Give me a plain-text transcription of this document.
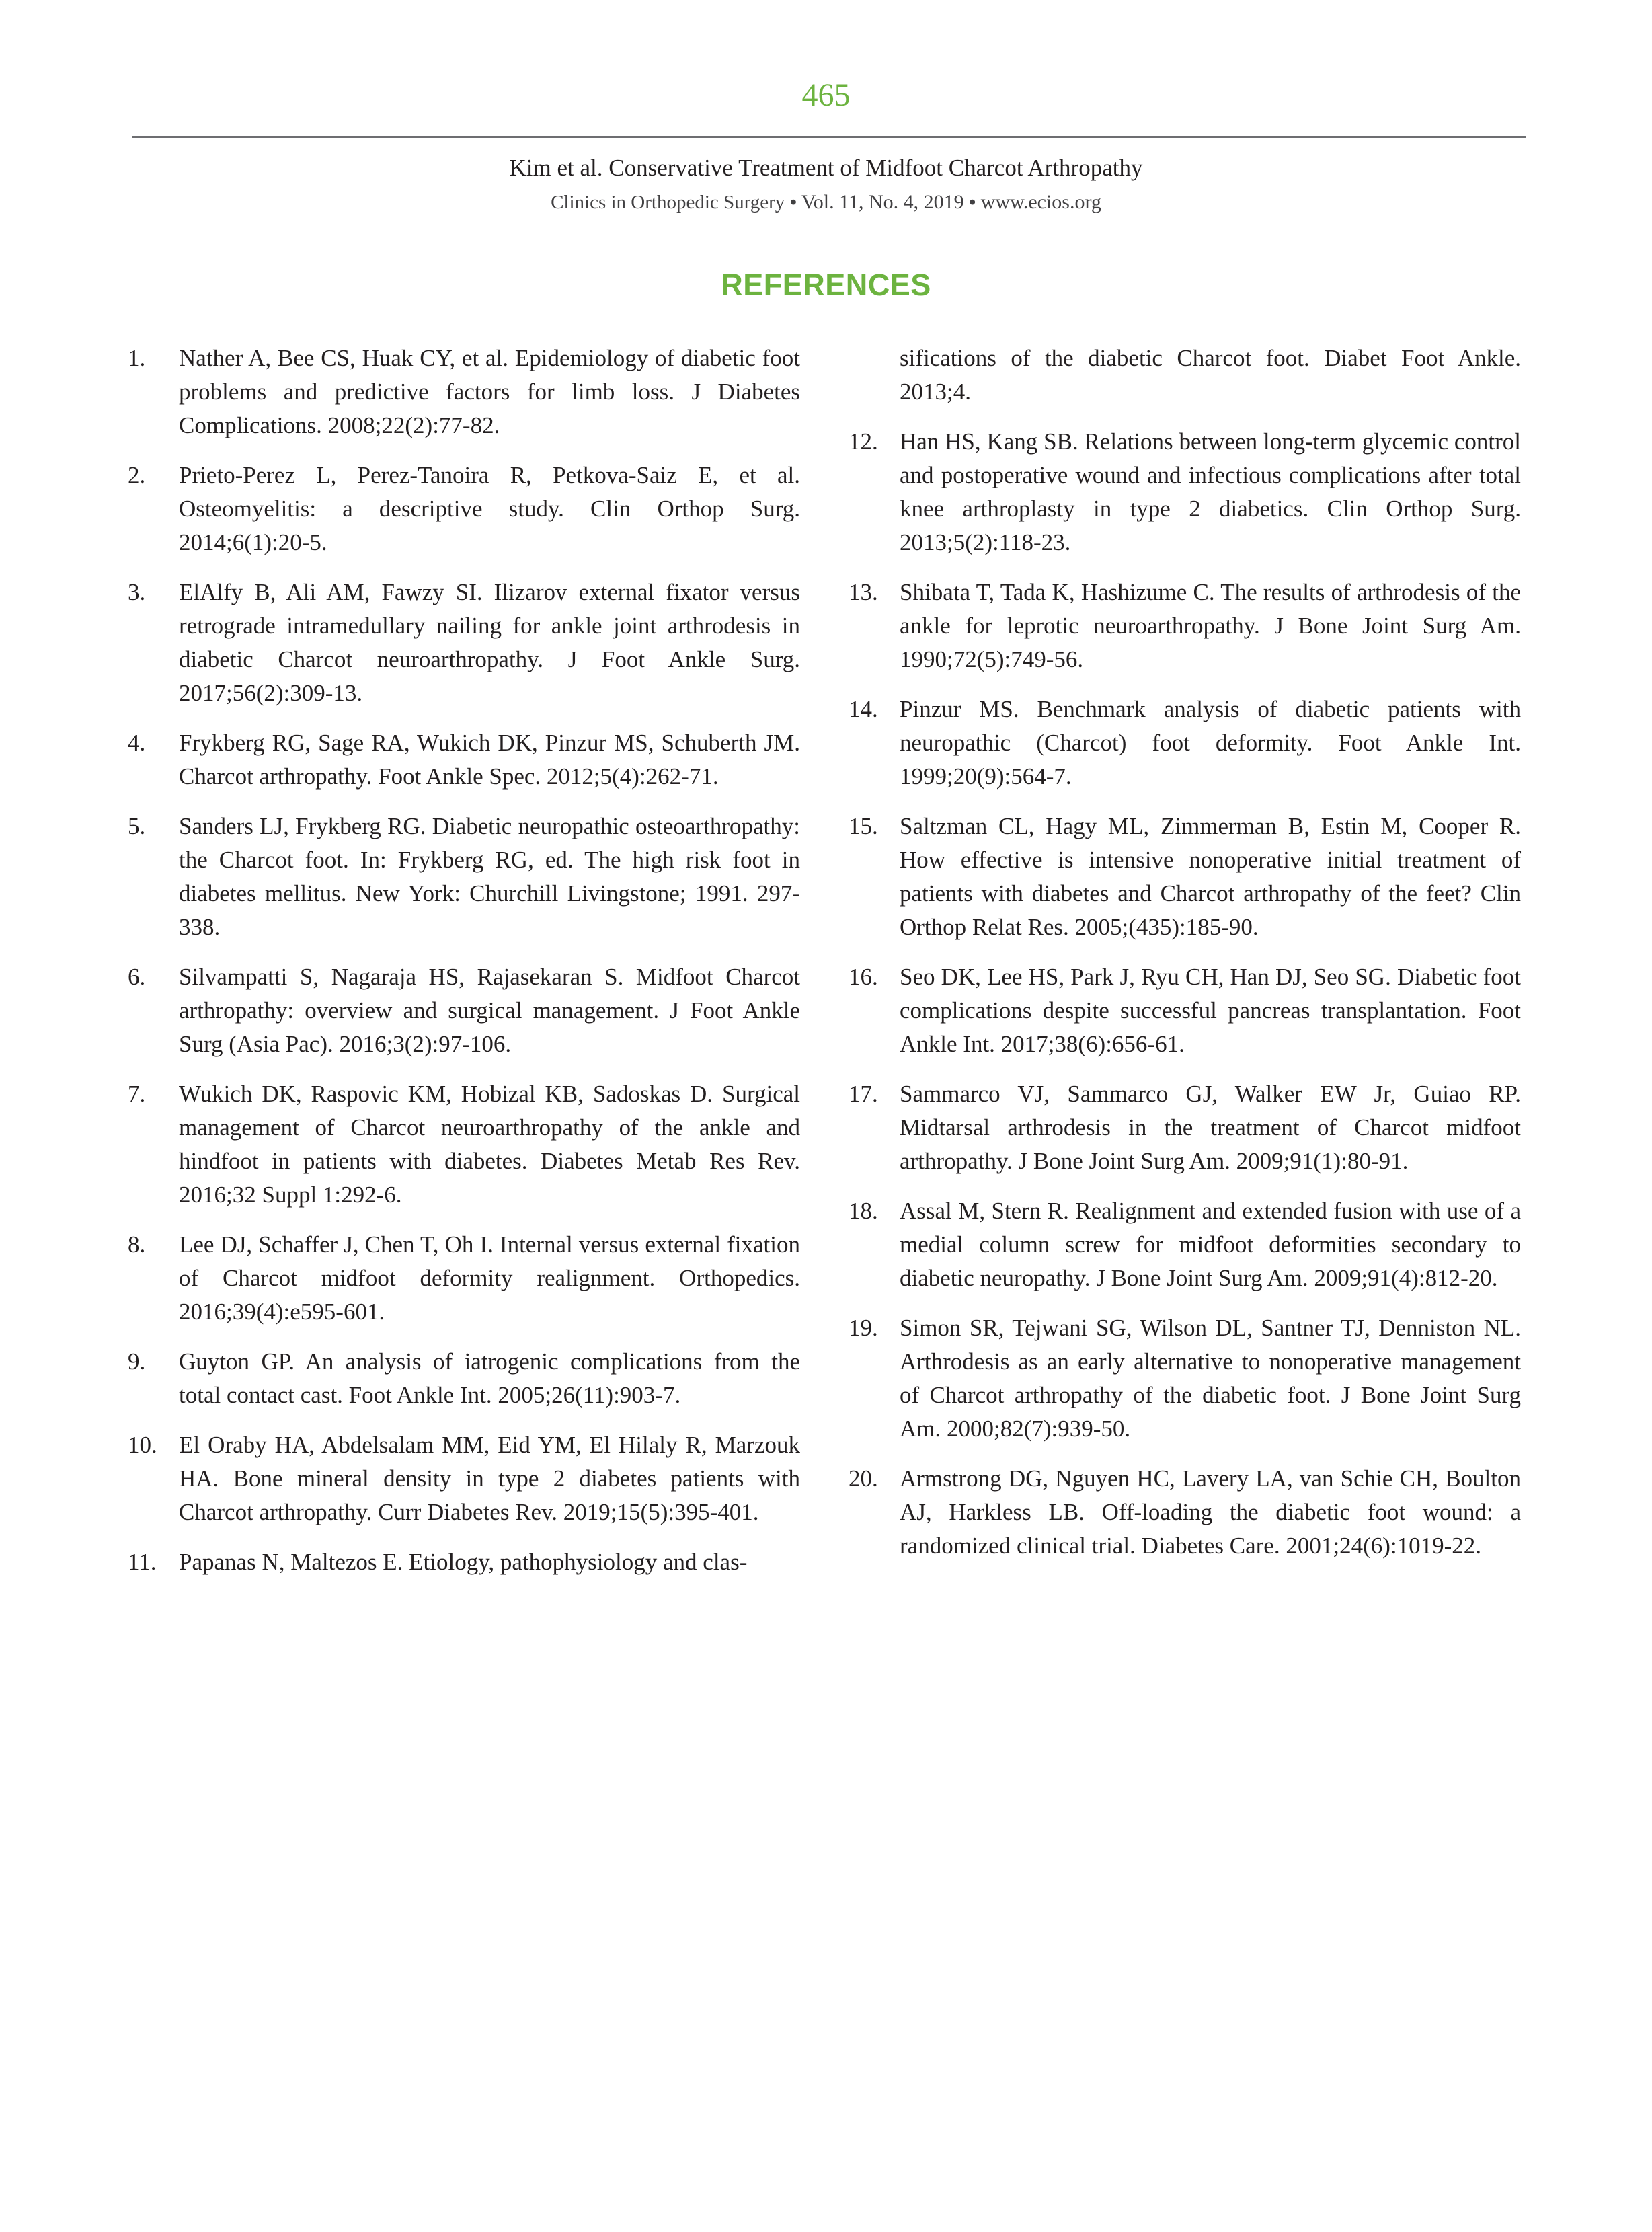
465
Kim et al. Conservative Treatment of Midfoot Charcot Arthropathy
Clinics in Orthopedic Surgery • Vol. 11, No. 4, 2019 • www.ecios.org
REFERENCES
1.	Nather A, Bee CS, Huak CY, et al. Epidemiology of diabetic foot problems and predictive factors for limb loss. J Diabetes Complications. 2008;22(2):77-82.
2.	Prieto-Perez L, Perez-Tanoira R, Petkova-Saiz E, et al. Osteomyelitis: a descriptive study. Clin Orthop Surg. 2014;6(1):20-5.
3.	ElAlfy B, Ali AM, Fawzy SI. Ilizarov external fixator versus retrograde intramedullary nailing for ankle joint arthrodesis in diabetic Charcot neuroarthropathy. J Foot Ankle Surg. 2017;56(2):309-13.
4.	Frykberg RG, Sage RA, Wukich DK, Pinzur MS, Schuberth JM. Charcot arthropathy. Foot Ankle Spec. 2012;5(4):262-71.
5.	Sanders LJ, Frykberg RG. Diabetic neuropathic osteoarthropathy: the Charcot foot. In: Frykberg RG, ed. The high risk foot in diabetes mellitus. New York: Churchill Livingstone; 1991. 297-338.
6.	Silvampatti S, Nagaraja HS, Rajasekaran S. Midfoot Charcot arthropathy: overview and surgical management. J Foot Ankle Surg (Asia Pac). 2016;3(2):97-106.
7.	Wukich DK, Raspovic KM, Hobizal KB, Sadoskas D. Surgical management of Charcot neuroarthropathy of the ankle and hindfoot in patients with diabetes. Diabetes Metab Res Rev. 2016;32 Suppl 1:292-6.
8.	Lee DJ, Schaffer J, Chen T, Oh I. Internal versus external fixation of Charcot midfoot deformity realignment. Orthopedics. 2016;39(4):e595-601.
9.	Guyton GP. An analysis of iatrogenic complications from the total contact cast. Foot Ankle Int. 2005;26(11):903-7.
10. El Oraby HA, Abdelsalam MM, Eid YM, El Hilaly R, Marzouk HA. Bone mineral density in type 2 diabetes patients with Charcot arthropathy. Curr Diabetes Rev. 2019;15(5):395-401.
11. Papanas N, Maltezos E. Etiology, pathophysiology and clas-
sifications of the diabetic Charcot foot. Diabet Foot Ankle. 2013;4.
12. Han HS, Kang SB. Relations between long-term glycemic control and postoperative wound and infectious complications after total knee arthroplasty in type 2 diabetics. Clin Orthop Surg. 2013;5(2):118-23.
13. Shibata T, Tada K, Hashizume C. The results of arthrodesis of the ankle for leprotic neuroarthropathy. J Bone Joint Surg Am. 1990;72(5):749-56.
14. Pinzur MS. Benchmark analysis of diabetic patients with neuropathic (Charcot) foot deformity. Foot Ankle Int. 1999;20(9):564-7.
15. Saltzman CL, Hagy ML, Zimmerman B, Estin M, Cooper R. How effective is intensive nonoperative initial treatment of patients with diabetes and Charcot arthropathy of the feet? Clin Orthop Relat Res. 2005;(435):185-90.
16. Seo DK, Lee HS, Park J, Ryu CH, Han DJ, Seo SG. Diabetic foot complications despite successful pancreas transplantation. Foot Ankle Int. 2017;38(6):656-61.
17. Sammarco VJ, Sammarco GJ, Walker EW Jr, Guiao RP. Midtarsal arthrodesis in the treatment of Charcot midfoot arthropathy. J Bone Joint Surg Am. 2009;91(1):80-91.
18. Assal M, Stern R. Realignment and extended fusion with use of a medial column screw for midfoot deformities secondary to diabetic neuropathy. J Bone Joint Surg Am. 2009;91(4):812-20.
19. Simon SR, Tejwani SG, Wilson DL, Santner TJ, Denniston NL. Arthrodesis as an early alternative to nonoperative management of Charcot arthropathy of the diabetic foot. J Bone Joint Surg Am. 2000;82(7):939-50.
20. Armstrong DG, Nguyen HC, Lavery LA, van Schie CH, Boulton AJ, Harkless LB. Off-loading the diabetic foot wound: a randomized clinical trial. Diabetes Care. 2001;24(6):1019-22.
